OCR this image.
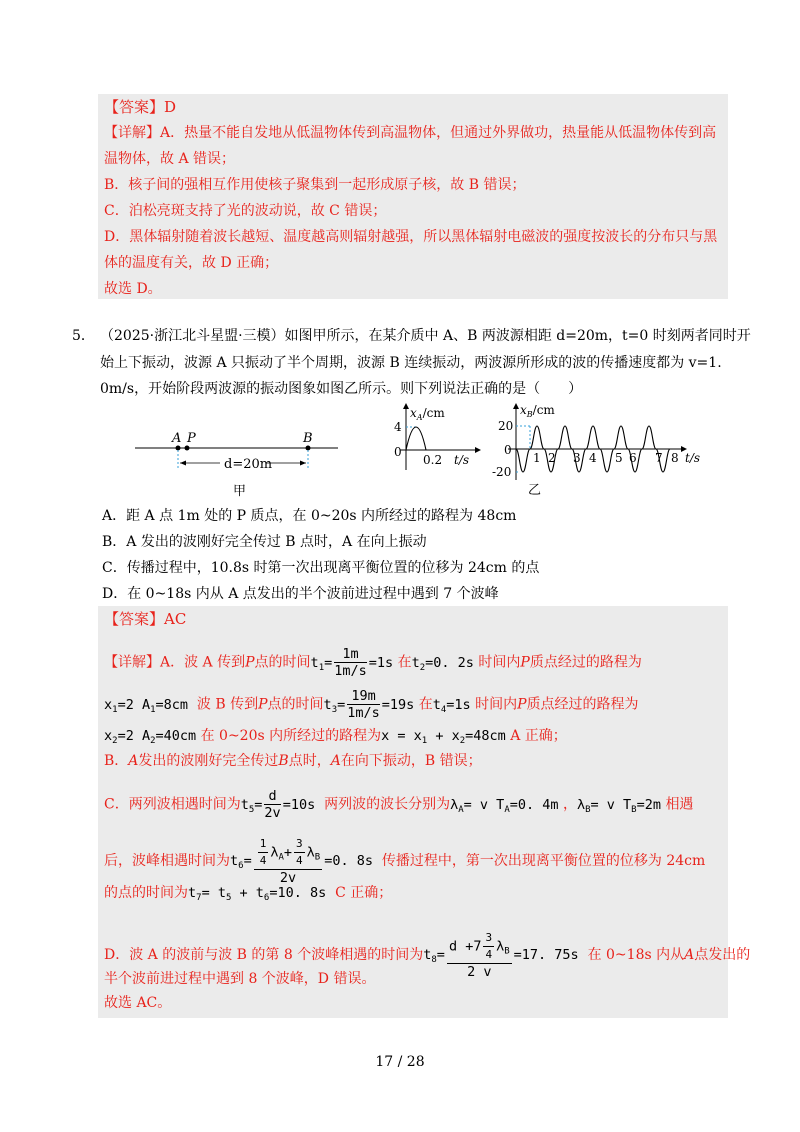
【答案】D
【详解】A．热量不能自发地从低温物体传到高温物体，但通过外界做功，热量能从低温物体传到高
温物体，故 A 错误；
B．核子间的强相互作用使核子聚集到一起形成原子核，故 B 错误；
C．泊松亮斑支持了光的波动说，故 C 错误；
D．黑体辐射随着波长越短、温度越高则辐射越强，所以黑体辐射电磁波的强度按波长的分布只与黑
体的温度有关，故 D 正确；
故选 D。
5． （2025·浙江北斗星盟·三模）如图甲所示，在某介质中 A、B 两波源相距 d=20m，t=0 时刻两者同时开
始上下振动，波源 A 只振动了半个周期，波源 B 连续振动，两波源所形成的波的传播速度都为 v=1.
0m/s，开始阶段两波源的振动图象如图乙所示。则下列说法正确的是（　　）
A P	B
d=20m
甲
$x_A/cm$
4
0
0.2 t/s
$x_B/cm$
20
0
-20
1 2 3 4 5 6 7 8 t/s
乙
A．距 A 点 1m 处的 P 质点，在 0~20s 内所经过的路程为 48cm
B．A 发出的波刚好完全传过 B 点时，A 在向上振动
C．传播过程中，10.8s 时第一次出现离平衡位置的位移为 24cm 的点
D．在 0~18s 内从 A 点发出的半个波前进过程中遇到 7 个波峰
【答案】AC
【详解】A．波 A 传到P点的时间$t_1= \frac{1m}{1m/s} =1s$ 在$t_2=0$. 2s 时间内P质点经过的路程为
$x_1=2$ $A_1=8cm$ 波 B 传到P点的时间$t_3= \frac{19m}{1m/s} =19s$ 在$t_4=1s$ 时间内P质点经过的路程为
$x_2=2$ $A_2=40cm$ 在 0~20s 内所经过的路程为$x = x_1 + x_2=48cm$ A 正确；
B．A发出的波刚好完全传过B点时，A在向下振动，B 错误；
C．两列波相遇时间为$t_5= \frac{d}{2v} =10s$ 两列波的波长分别为$\lambda_A= v$ $T_A=0$. 4m ，$\lambda_B= v$ $T_B=2m$ 相遇
后，波峰相遇时间为$t_6= \frac{\frac{1}{4} \lambda_A+ \frac{3}{4} \lambda_B}{2v} =0$. 8s 传播过程中，第一次出现离平衡位置的位移为 24cm
的点的时间为$t_7= t_5 + t_6=10$. 8s C 正确；
D．波 A 的波前与波 B 的第 8 个波峰相遇的时间为$t_8= \frac{d +7 \frac{3}{4} \lambda_B}{2 v} =17$. 75s 在 0~18s 内从A点发出的
半个波前进过程中遇到 8 个波峰，D 错误。
故选 AC。
17 / 28
